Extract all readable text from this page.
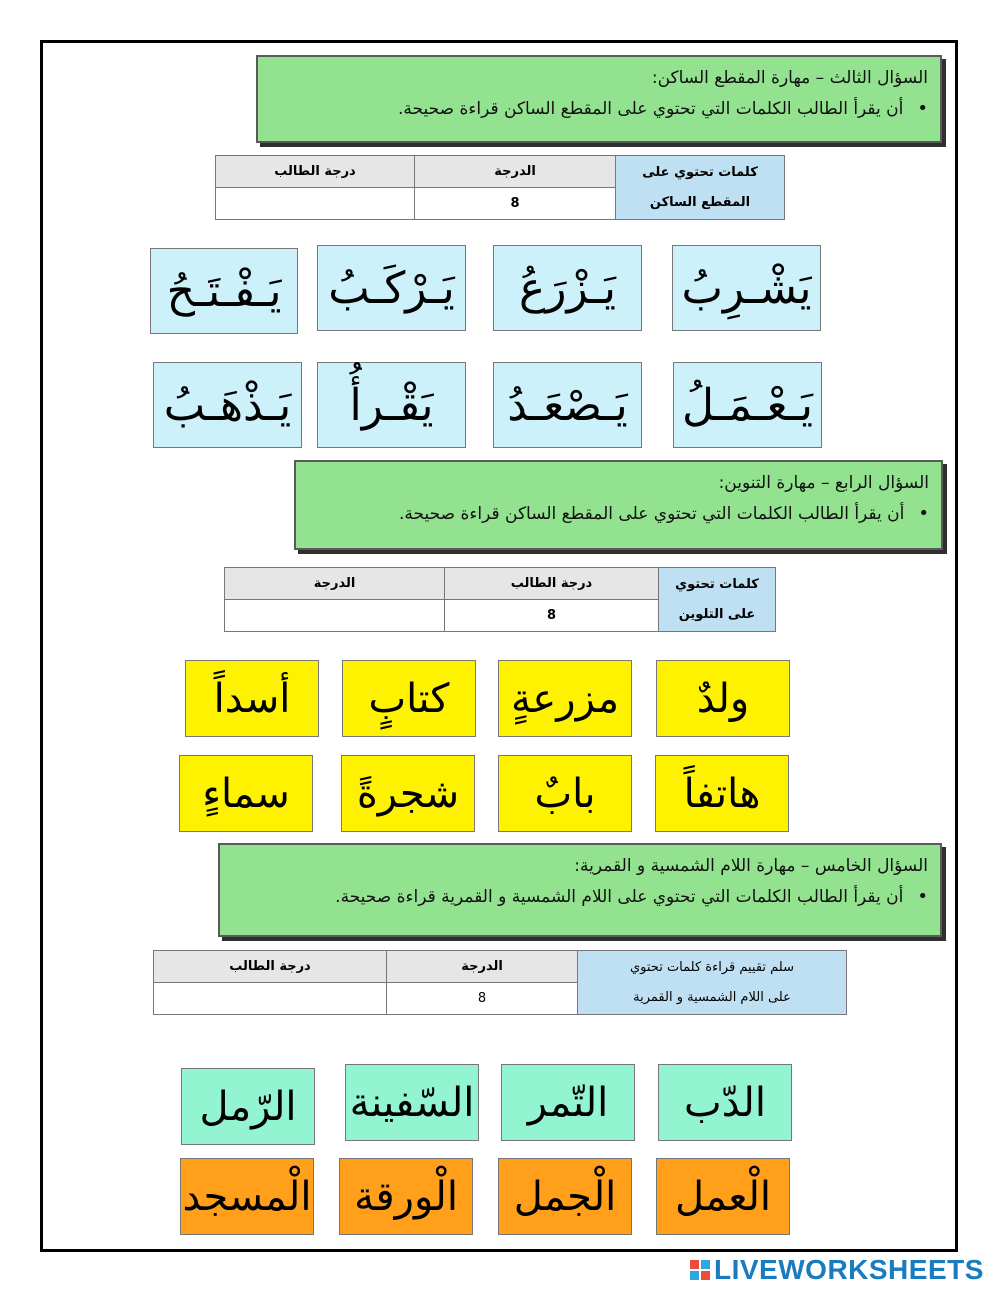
السؤال الثالث – مهارة المقطع الساكن:
• أن يقرأ الطالب الكلمات التي تحتوي على المقطع الساكن قراءة صحيحة.
كلمات تحتوي على
المقطع الساكن	الدرجة	درجة الطالب
	8	
يَشْـرِبُ
يَـزْرَعُ
يَـرْكَـبُ
يَـفْـتَـحُ
يَـعْـمَـلُ
يَـصْعَـدُ
يَقْـرأُ
يَـذْهَـبُ
السؤال الرابع – مهارة التنوين:
• أن يقرأ الطالب الكلمات التي تحتوي على المقطع الساكن قراءة صحيحة.
كلمات تحتوي
على التلوين	درجة الطالب	الدرجة
	8	
ولدٌ
مزرعةٍ
كتابٍ
أسداً
هاتفاً
بابٌ
شجرةً
سماءٍ
السؤال الخامس – مهارة اللام الشمسية و القمرية:
• أن يقرأ الطالب الكلمات التي تحتوي على اللام الشمسية و القمرية قراءة صحيحة.
سلم تقييم قراءة كلمات تحتوي
على اللام الشمسية و القمرية	الدرجة	درجة الطالب
	8	
الدّب
التّمر
السّفينة
الرّمل
الْعمل
الْجمل
الْورقة
الْمسجد
LIVEWORKSHEETS
